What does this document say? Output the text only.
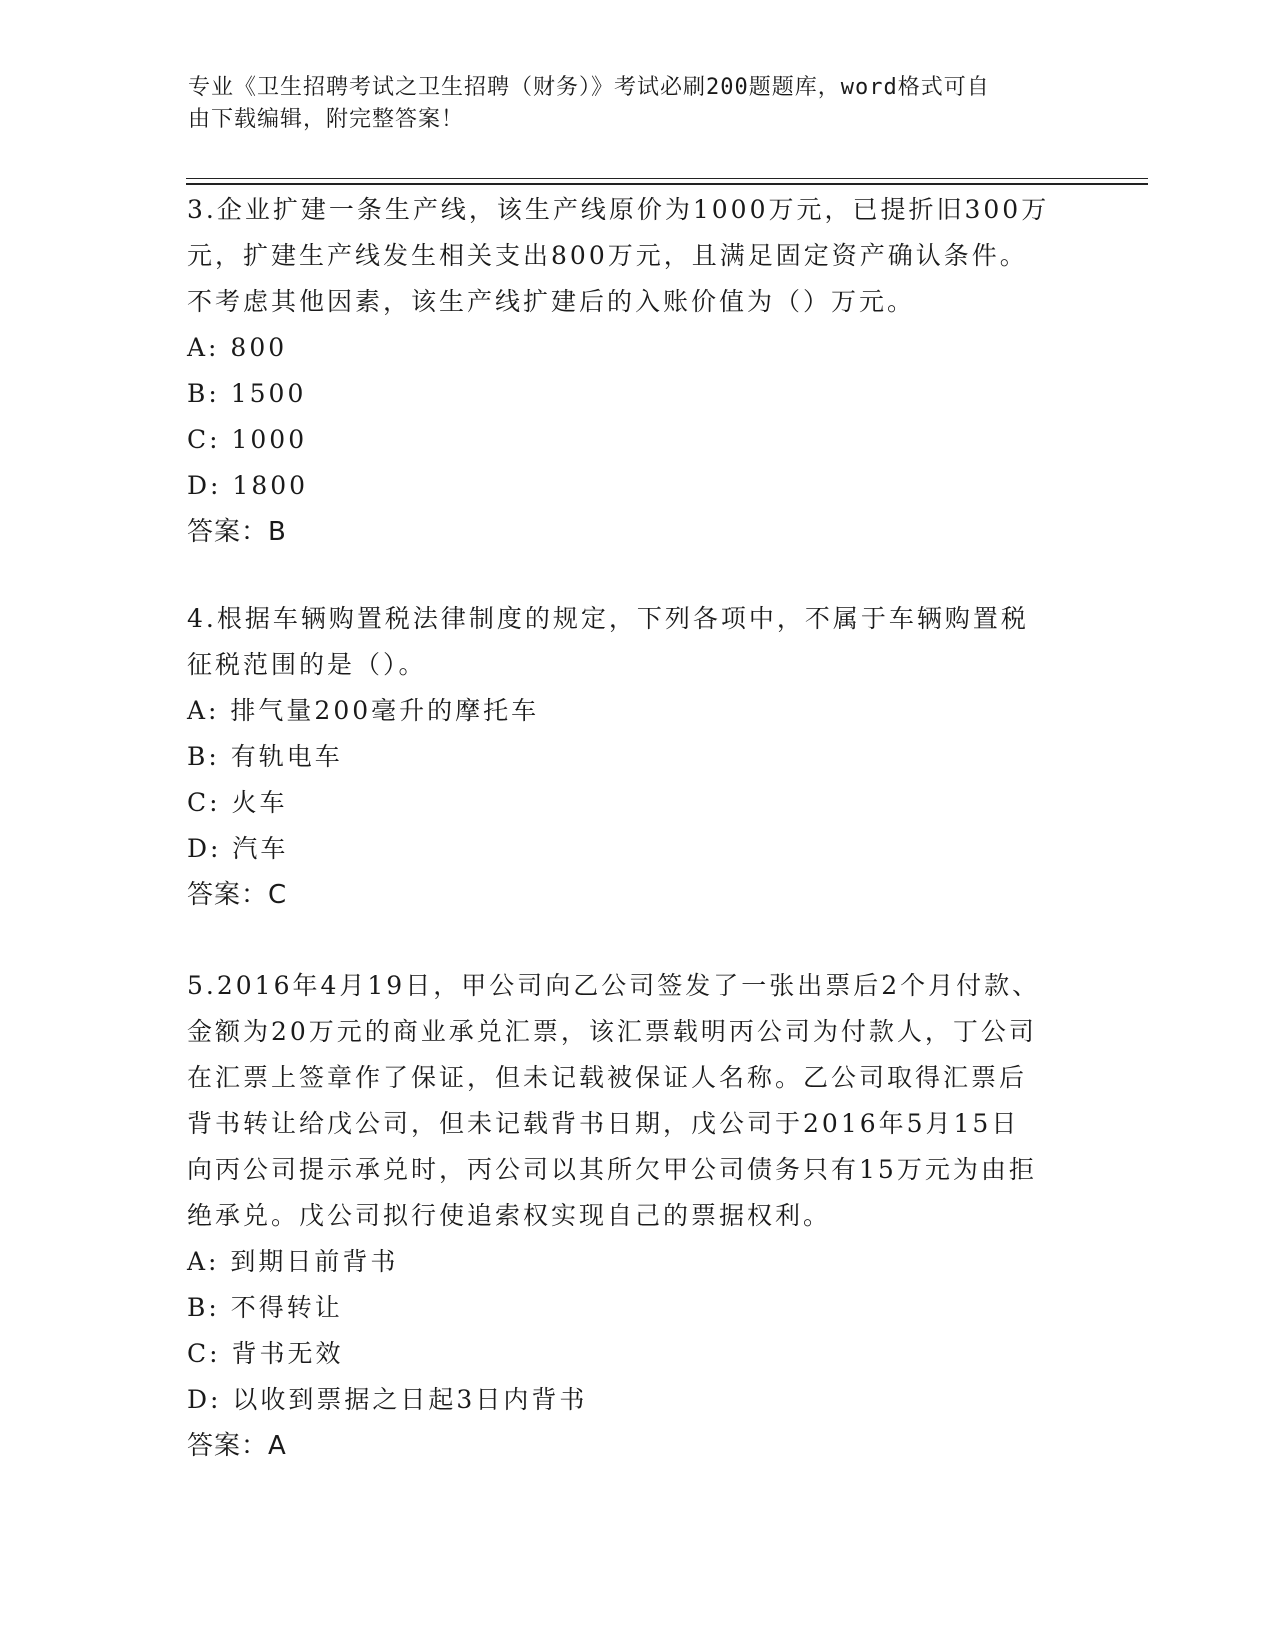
专业《卫生招聘考试之卫生招聘（财务）》考试必刷200题题库，word格式可自
由下载编辑，附完整答案！

3.企业扩建一条生产线，该生产线原价为1000万元，已提折旧300万

元，扩建生产线发生相关支出800万元，且满足固定资产确认条件。

不考虑其他因素，该生产线扩建后的入账价值为（）万元。

A: 800

B: 1500

C: 1000

D: 1800

答案：B

4.根据车辆购置税法律制度的规定，下列各项中，不属于车辆购置税

征税范围的是（）。

A: 排气量200毫升的摩托车

B: 有轨电车

C: 火车

D: 汽车

答案：C

5.2016年4月19日，甲公司向乙公司签发了一张出票后2个月付款、

金额为20万元的商业承兑汇票，该汇票载明丙公司为付款人，丁公司

在汇票上签章作了保证，但未记载被保证人名称。乙公司取得汇票后

背书转让给戊公司，但未记载背书日期，戊公司于2016年5月15日

向丙公司提示承兑时，丙公司以其所欠甲公司债务只有15万元为由拒

绝承兑。戊公司拟行使追索权实现自己的票据权利。

A: 到期日前背书

B: 不得转让

C: 背书无效

D: 以收到票据之日起3日内背书

答案：A
